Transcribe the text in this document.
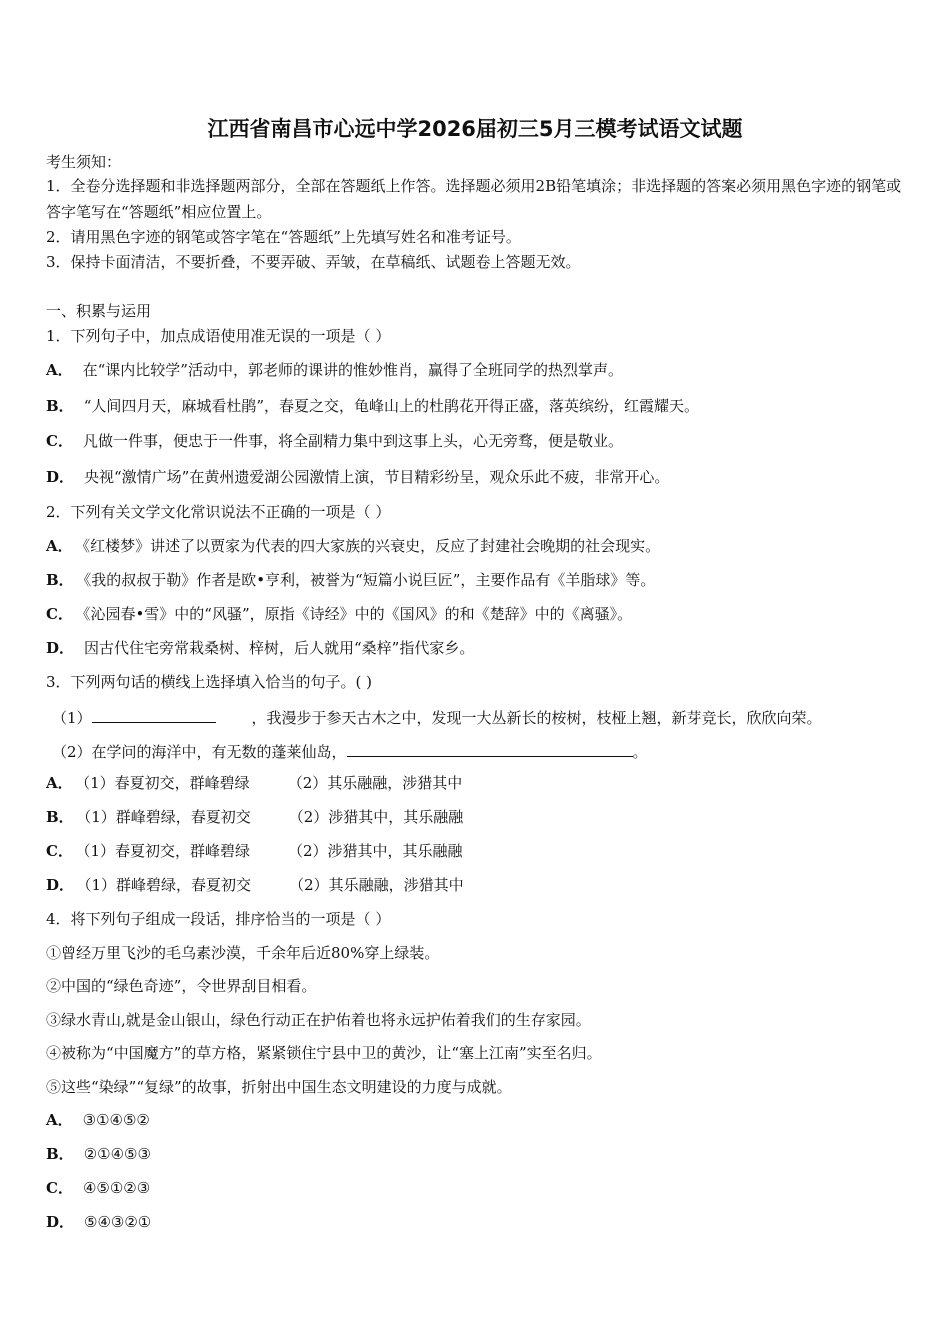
江西省南昌市心远中学2026届初三5月三模考试语文试题
考生须知：
1．全卷分选择题和非选择题两部分，全部在答题纸上作答。选择题必须用2B铅笔填涂；非选择题的答案必须用黑色字迹的钢笔或答字笔写在“答题纸”相应位置上。
2．请用黑色字迹的钢笔或答字笔在“答题纸”上先填写姓名和准考证号。
3．保持卡面清洁，不要折叠，不要弄破、弄皱，在草稿纸、试题卷上答题无效。
一、积累与运用
1．下列句子中，加点成语使用准无误的一项是（ ）
A． 在“课内比较学”活动中，郭老师的课讲的惟妙惟肖，赢得了全班同学的热烈掌声。
B． “人间四月天，麻城看杜鹃”，春夏之交，龟峰山上的杜鹃花开得正盛，落英缤纷，红霞耀天。
C． 凡做一件事，便忠于一件事，将全副精力集中到这事上头，心无旁骛，便是敬业。
D． 央视“激情广场”在黄州遗爱湖公园激情上演，节目精彩纷呈，观众乐此不疲，非常开心。
2．下列有关文学文化常识说法不正确的一项是（ ）
A． 《红楼梦》讲述了以贾家为代表的四大家族的兴衰史，反应了封建社会晚期的社会现实。
B． 《我的叔叔于勒》作者是欧•亨利，被誉为“短篇小说巨匠”，主要作品有《羊脂球》等。
C． 《沁园春•雪》中的“风骚”，原指《诗经》中的《国风》的和《楚辞》中的《离骚》。
D． 因古代住宅旁常栽桑树、梓树，后人就用“桑梓”指代家乡。
3．下列两句话的横线上选择填入恰当的句子。( )
（1）	，我漫步于参天古木之中，发现一大丛新长的桉树，枝桠上翘，新芽竞长，欣欣向荣。
（2）在学问的海洋中，有无数的蓬莱仙岛，	。
A． （1）春夏初交，群峰碧绿	（2）其乐融融，涉猎其中
B． （1）群峰碧绿，春夏初交	（2）涉猎其中，其乐融融
C． （1）春夏初交，群峰碧绿	（2）涉猎其中，其乐融融
D． （1）群峰碧绿，春夏初交	（2）其乐融融，涉猎其中
4．将下列句子组成一段话，排序恰当的一项是（ ）
①曾经万里飞沙的毛乌素沙漠，千余年后近80%穿上绿装。
②中国的“绿色奇迹”，令世界刮目相看。
③绿水青山,就是金山银山，绿色行动正在护佑着也将永远护佑着我们的生存家园。
④被称为“中国魔方”的草方格，紧紧锁住宁县中卫的黄沙，让“塞上江南”实至名归。
⑤这些“染绿”“复绿”的故事，折射出中国生态文明建设的力度与成就。
A． ③①④⑤②
B． ②①④⑤③
C． ④⑤①②③
D． ⑤④③②①
